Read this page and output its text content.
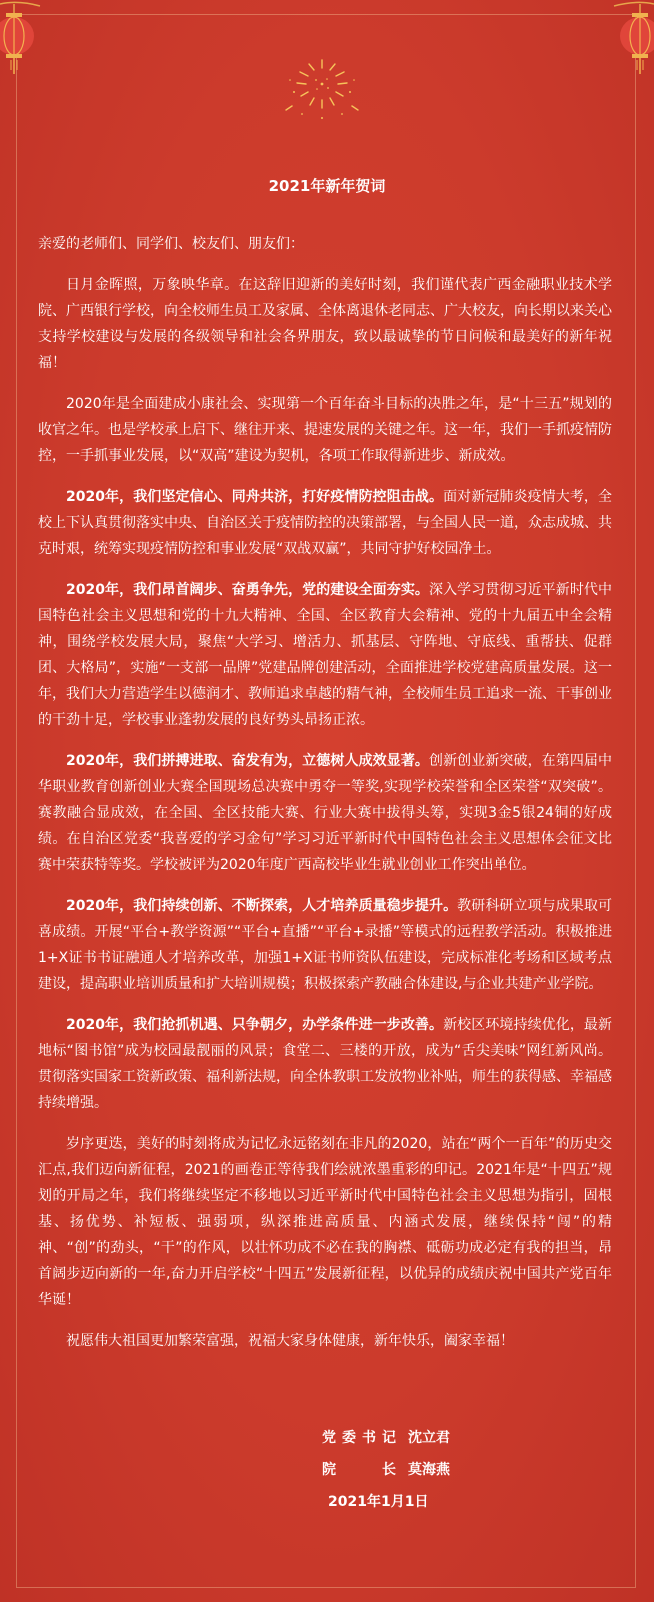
2021年新年贺词

亲爱的老师们、同学们、校友们、朋友们：

日月金晖照，万象映华章。在这辞旧迎新的美好时刻，我们谨代表广西金融职业技术学院、广西银行学校，向全校师生员工及家属、全体离退休老同志、广大校友，向长期以来关心支持学校建设与发展的各级领导和社会各界朋友，致以最诚挚的节日问候和最美好的新年祝福！

2020年是全面建成小康社会、实现第一个百年奋斗目标的决胜之年，是“十三五”规划的收官之年。也是学校承上启下、继往开来、提速发展的关键之年。这一年，我们一手抓疫情防控，一手抓事业发展，以“双高”建设为契机，各项工作取得新进步、新成效。

2020年，我们坚定信心、同舟共济，打好疫情防控阻击战。面对新冠肺炎疫情大考，全校上下认真贯彻落实中央、自治区关于疫情防控的决策部署，与全国人民一道，众志成城、共克时艰，统筹实现疫情防控和事业发展“双战双赢”，共同守护好校园净土。

2020年，我们昂首阔步、奋勇争先，党的建设全面夯实。深入学习贯彻习近平新时代中国特色社会主义思想和党的十九大精神、全国、全区教育大会精神、党的十九届五中全会精神，围绕学校发展大局，聚焦“大学习、增活力、抓基层、守阵地、守底线、重帮扶、促群团、大格局”，实施“一支部一品牌”党建品牌创建活动，全面推进学校党建高质量发展。这一年，我们大力营造学生以德润才、教师追求卓越的精气神，全校师生员工追求一流、干事创业的干劲十足，学校事业蓬勃发展的良好势头昂扬正浓。

2020年，我们拼搏进取、奋发有为，立德树人成效显著。创新创业新突破，在第四届中华职业教育创新创业大赛全国现场总决赛中勇夺一等奖,实现学校荣誉和全区荣誉“双突破”。赛教融合显成效，在全国、全区技能大赛、行业大赛中拔得头筹，实现3金5银24铜的好成绩。在自治区党委“我喜爱的学习金句”学习习近平新时代中国特色社会主义思想体会征文比赛中荣获特等奖。学校被评为2020年度广西高校毕业生就业创业工作突出单位。

2020年，我们持续创新、不断探索，人才培养质量稳步提升。教研科研立项与成果取可喜成绩。开展“平台+教学资源”“平台+直播”“平台+录播”等模式的远程教学活动。积极推进1+X证书书证融通人才培养改革，加强1+X证书师资队伍建设，完成标准化考场和区域考点建设，提高职业培训质量和扩大培训规模；积极探索产教融合体建设,与企业共建产业学院。

2020年，我们抢抓机遇、只争朝夕，办学条件进一步改善。新校区环境持续优化，最新地标“图书馆”成为校园最靓丽的风景；食堂二、三楼的开放，成为“舌尖美味”网红新风尚。贯彻落实国家工资新政策、福利新法规，向全体教职工发放物业补贴，师生的获得感、幸福感持续增强。

岁序更迭，美好的时刻将成为记忆永远铭刻在非凡的2020，站在“两个一百年”的历史交汇点,我们迈向新征程，2021的画卷正等待我们绘就浓墨重彩的印记。2021年是“十四五”规划的开局之年，我们将继续坚定不移地以习近平新时代中国特色社会主义思想为指引，固根基、扬优势、补短板、强弱项，纵深推进高质量、内涵式发展，继续保持“闯”的精神、“创”的劲头，“干”的作风，以壮怀功成不必在我的胸襟、砥砺功成必定有我的担当，昂首阔步迈向新的一年,奋力开启学校“十四五”发展新征程，以优异的成绩庆祝中国共产党百年华诞！

祝愿伟大祖国更加繁荣富强，祝福大家身体健康，新年快乐，阖家幸福！

党 委 书 记 沈立君
院	长 莫海燕
2021年1月1日
